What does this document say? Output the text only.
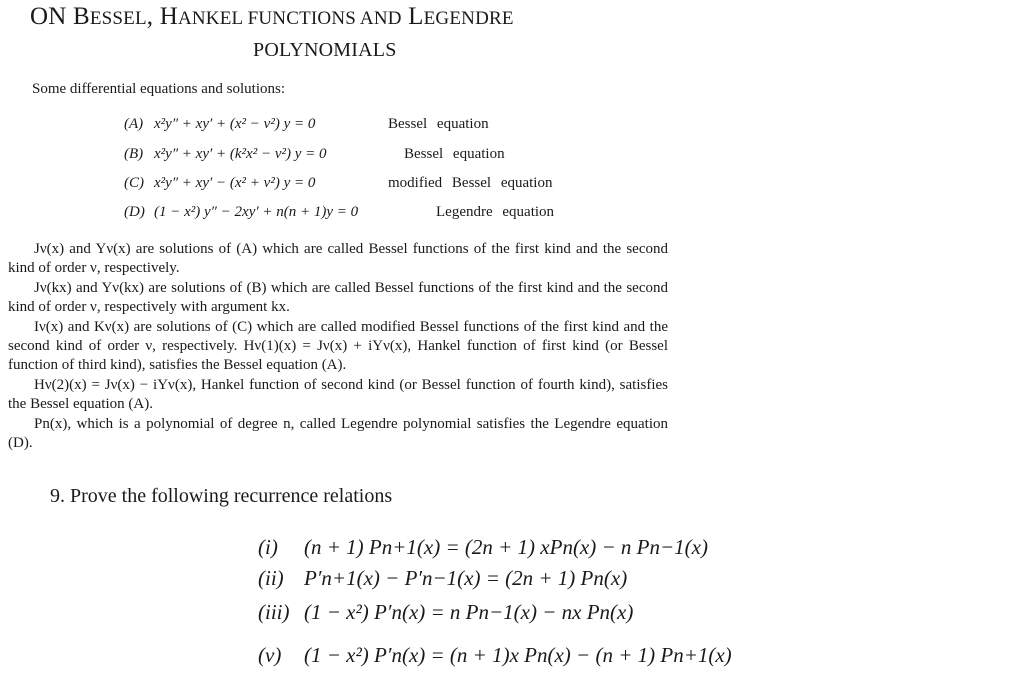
ON BESSEL, HANKEL FUNCTIONS AND LEGENDRE
POLYNOMIALS
Some differential equations and solutions:
(A) x²y″ + xy′ + (x² − ν²) y = 0	Bessel equation
(B) x²y″ + xy′ + (k²x² − ν²) y = 0	Bessel equation
(C) x²y″ + xy′ − (x² + ν²) y = 0	modified Bessel equation
(D) (1 − x²) y″ − 2xy′ + n(n + 1)y = 0	Legendre equation

Jν(x) and Yν(x) are solutions of (A) which are called Bessel functions of the first kind and the second kind of order ν, respectively.

Jν(kx) and Yν(kx) are solutions of (B) which are called Bessel functions of the first kind and the second kind of order ν, respectively with argument kx.

Iν(x) and Kν(x) are solutions of (C) which are called modified Bessel functions of the first kind and the second kind of order ν, respectively. Hν(1)(x) = Jν(x) + iYν(x), Hankel function of first kind (or Bessel function of third kind), satisfies the Bessel equation (A).

Hν(2)(x) = Jν(x) − iYν(x), Hankel function of second kind (or Bessel function of fourth kind), satisfies the Bessel equation (A).

Pn(x), which is a polynomial of degree n, called Legendre polynomial satisfies the Legendre equation (D).

9. Prove the following recurrence relations
(i) (n + 1) Pn+1(x) = (2n + 1) xPn(x) − n Pn−1(x)
(ii) P′n+1(x) − P′n−1(x) = (2n + 1) Pn(x)
(iii) (1 − x²) P′n(x) = n Pn−1(x) − nx Pn(x)
(v) (1 − x²) P′n(x) = (n + 1)x Pn(x) − (n + 1) Pn+1(x)
